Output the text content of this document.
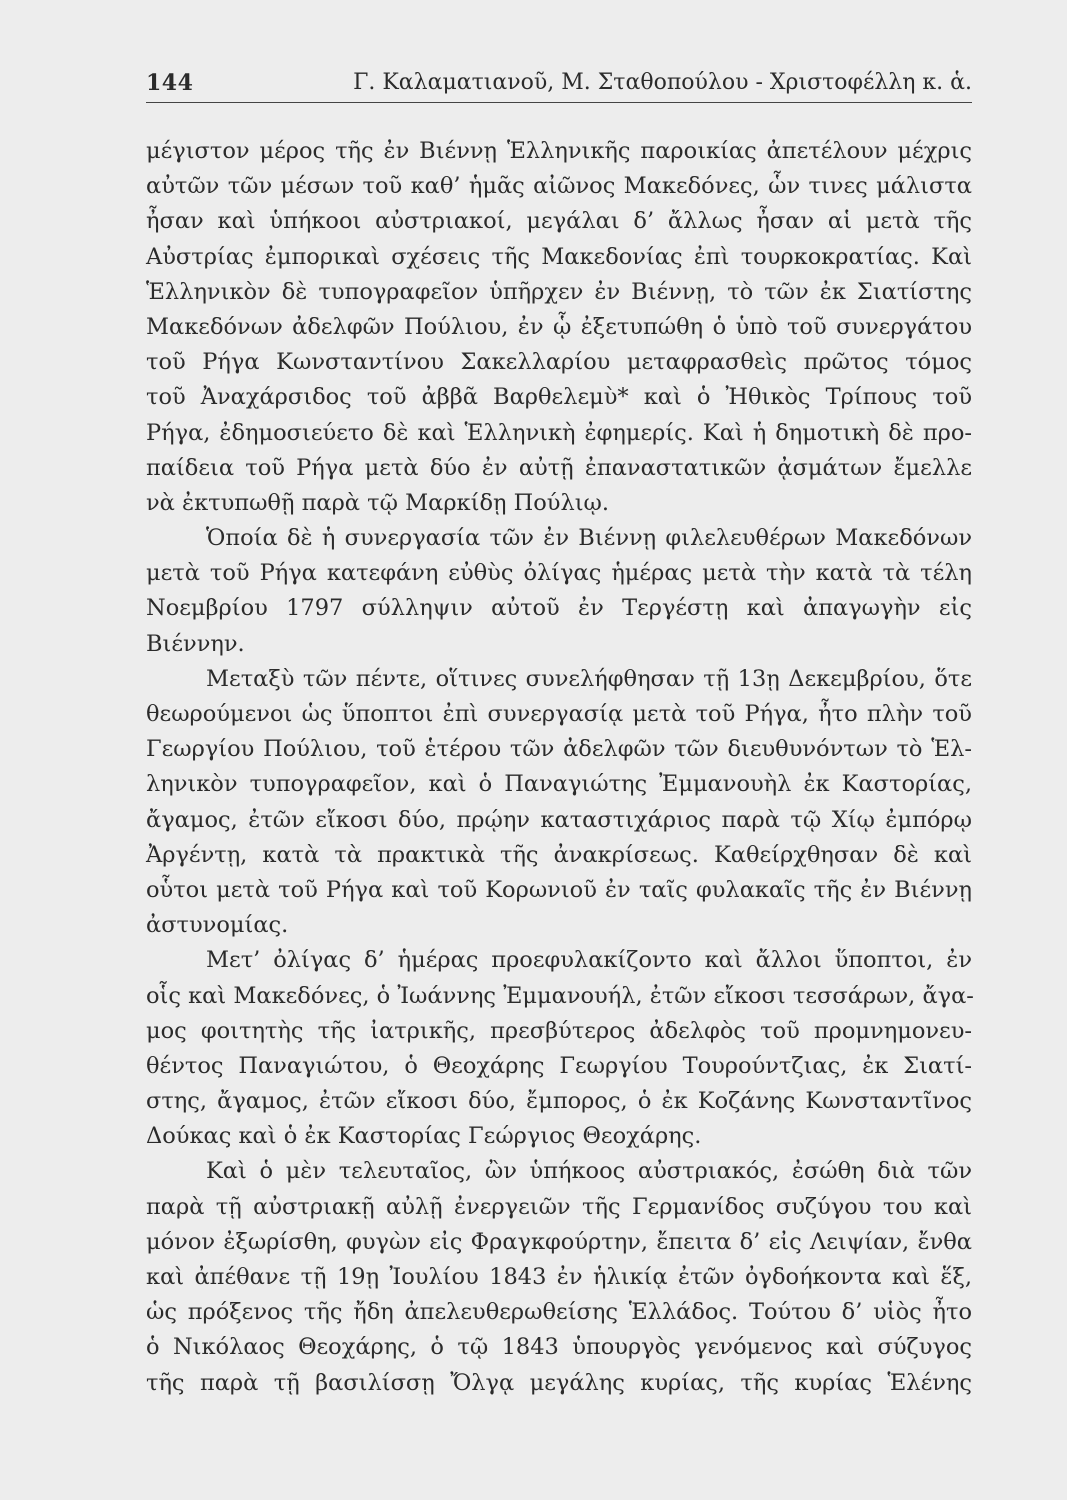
144	Γ. Καλαματιανοῦ, Μ. Σταθοπούλου - Χριστοφέλλη κ. ἁ.
μέγιστον μέρος τῆς ἐν Βιέννῃ Ἑλληνικῆς παροικίας ἀπετέλουν μέχρις
αὐτῶν τῶν μέσων τοῦ καθ’ ἡμᾶς αἰῶνος Μακεδόνες, ὧν τινες μάλιστα
ἦσαν καὶ ὑπήκοοι αὐστριακοί, μεγάλαι δ’ ἄλλως ἦσαν αἱ μετὰ τῆς
Αὐστρίας ἐμπορικαὶ σχέσεις τῆς Μακεδονίας ἐπὶ τουρκοκρατίας. Καὶ
Ἑλληνικὸν δὲ τυπογραφεῖον ὑπῆρχεν ἐν Βιέννῃ, τὸ τῶν ἐκ Σιατίστης
Μακεδόνων ἀδελφῶν Πούλιου, ἐν ᾧ ἐξετυπώθη ὁ ὑπὸ τοῦ συνεργάτου
τοῦ Ρήγα Κωνσταντίνου Σακελλαρίου μεταφρασθεὶς πρῶτος τόμος
τοῦ Ἀναχάρσιδος τοῦ ἀββᾶ Βαρθελεμὺ* καὶ ὁ Ἠθικὸς Τρίπους τοῦ
Ρήγα, ἐδημοσιεύετο δὲ καὶ Ἑλληνικὴ ἐφημερίς. Καὶ ἡ δημοτικὴ δὲ προ-
παίδεια τοῦ Ρήγα μετὰ δύο ἐν αὐτῇ ἐπαναστατικῶν ᾀσμάτων ἔμελλε
νὰ ἐκτυπωθῇ παρὰ τῷ Μαρκίδῃ Πούλιῳ.
Ὁποία δὲ ἡ συνεργασία τῶν ἐν Βιέννῃ φιλελευθέρων Μακεδόνων
μετὰ τοῦ Ρήγα κατεφάνη εὐθὺς ὀλίγας ἡμέρας μετὰ τὴν κατὰ τὰ τέλη
Νοεμβρίου 1797 σύλληψιν αὐτοῦ ἐν Τεργέστῃ καὶ ἀπαγωγὴν εἰς
Βιέννην.
Μεταξὺ τῶν πέντε, οἵτινες συνελήφθησαν τῇ 13ῃ Δεκεμβρίου, ὅτε
θεωρούμενοι ὡς ὕποπτοι ἐπὶ συνεργασίᾳ μετὰ τοῦ Ρήγα, ἦτο πλὴν τοῦ
Γεωργίου Πούλιου, τοῦ ἑτέρου τῶν ἀδελφῶν τῶν διευθυνόντων τὸ Ἑλ-
ληνικὸν τυπογραφεῖον, καὶ ὁ Παναγιώτης Ἐμμανουὴλ ἐκ Καστορίας,
ἄγαμος, ἐτῶν εἴκοσι δύο, πρῴην καταστιχάριος παρὰ τῷ Χίῳ ἐμπόρῳ
Ἀργέντῃ, κατὰ τὰ πρακτικὰ τῆς ἀνακρίσεως. Καθείρχθησαν δὲ καὶ
οὗτοι μετὰ τοῦ Ρήγα καὶ τοῦ Κορωνιοῦ ἐν ταῖς φυλακαῖς τῆς ἐν Βιέννῃ
ἀστυνομίας.
Μετ’ ὀλίγας δ’ ἡμέρας προεφυλακίζοντο καὶ ἄλλοι ὕποπτοι, ἐν
οἷς καὶ Μακεδόνες, ὁ Ἰωάννης Ἐμμανουήλ, ἐτῶν εἴκοσι τεσσάρων, ἄγα-
μος φοιτητὴς τῆς ἰατρικῆς, πρεσβύτερος ἀδελφὸς τοῦ προμνημονευ-
θέντος Παναγιώτου, ὁ Θεοχάρης Γεωργίου Τουρούντζιας, ἐκ Σιατί-
στης, ἄγαμος, ἐτῶν εἴκοσι δύο, ἔμπορος, ὁ ἐκ Κοζάνης Κωνσταντῖνος
Δούκας καὶ ὁ ἐκ Καστορίας Γεώργιος Θεοχάρης.
Καὶ ὁ μὲν τελευταῖος, ὢν ὑπήκοος αὐστριακός, ἐσώθη διὰ τῶν
παρὰ τῇ αὐστριακῇ αὐλῇ ἐνεργειῶν τῆς Γερμανίδος συζύγου του καὶ
μόνον ἐξωρίσθη, φυγὼν εἰς Φραγκφούρτην, ἔπειτα δ’ εἰς Λειψίαν, ἔνθα
καὶ ἀπέθανε τῇ 19ῃ Ἰουλίου 1843 ἐν ἡλικίᾳ ἐτῶν ὀγδοήκοντα καὶ ἕξ,
ὡς πρόξενος τῆς ἤδη ἀπελευθερωθείσης Ἑλλάδος. Τούτου δ’ υἱὸς ἦτο
ὁ Νικόλαος Θεοχάρης, ὁ τῷ 1843 ὑπουργὸς γενόμενος καὶ σύζυγος
τῆς παρὰ τῇ βασιλίσσῃ Ὄλγᾳ μεγάλης κυρίας, τῆς κυρίας Ἑλένης
